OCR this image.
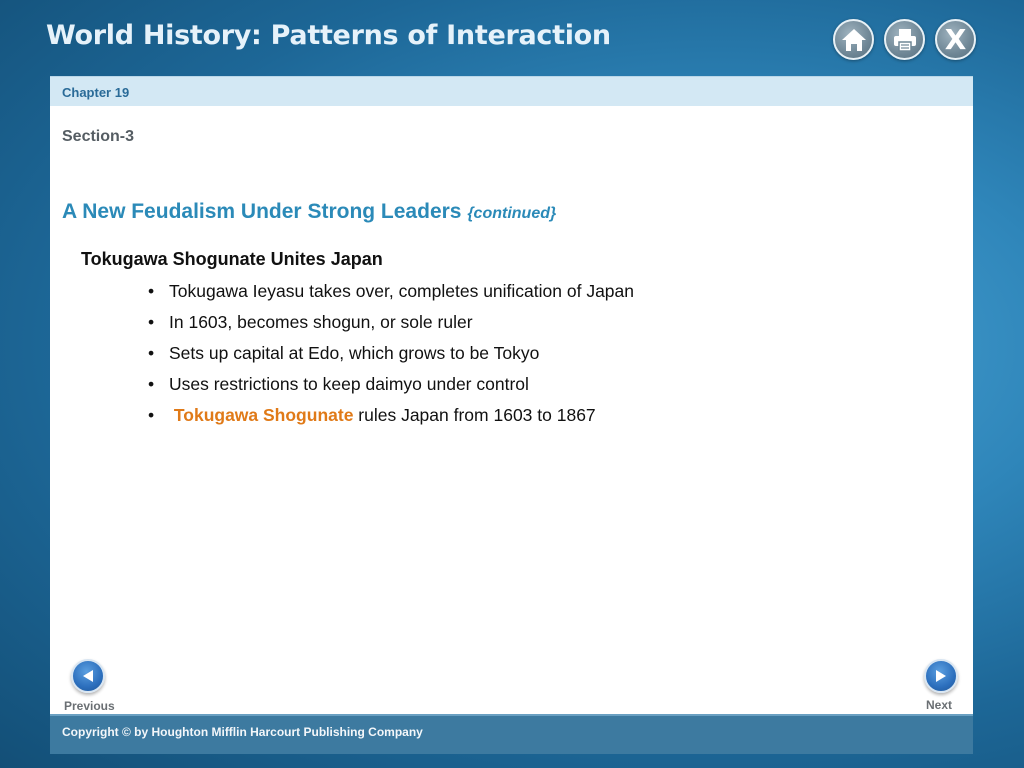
World History: Patterns of Interaction	X
Chapter 19
Section-3
A New Feudalism Under Strong Leaders {continued}
Tokugawa Shogunate Unites Japan
• Tokugawa Ieyasu takes over, completes unification of Japan
• In 1603, becomes shogun, or sole ruler
• Sets up capital at Edo, which grows to be Tokyo
• Uses restrictions to keep daimyo under control
• Tokugawa Shogunate rules Japan from 1603 to 1867
Previous	Next
Copyright © by Houghton Mifflin Harcourt Publishing Company
